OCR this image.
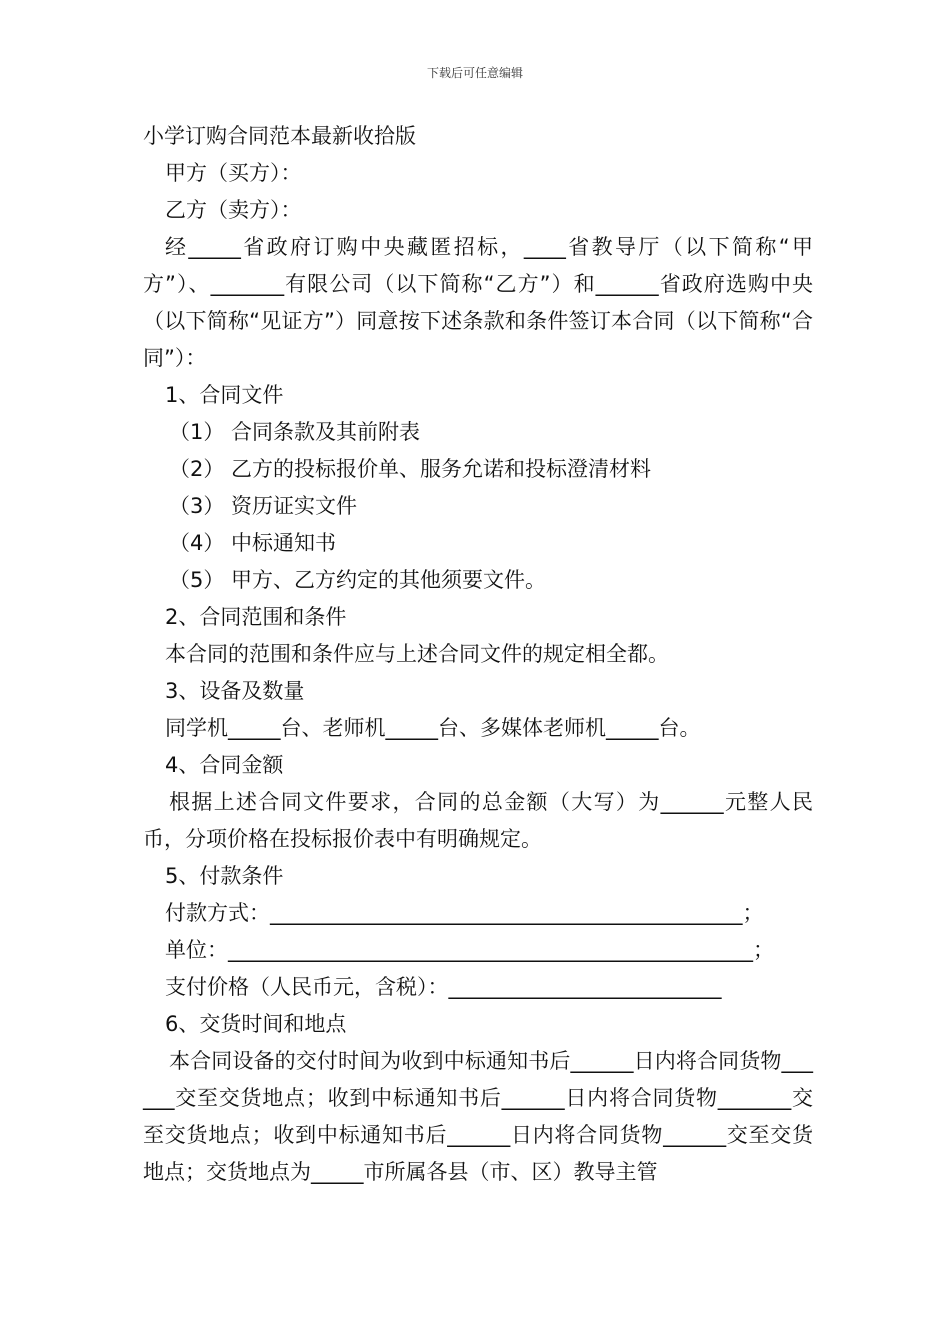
下载后可任意编辑

小学订购合同范本最新收拾版

甲方（买方）：

乙方（卖方）：

经_____省政府订购中央藏匿招标，____省教导厅（以下简称“甲方”）、_______有限公司（以下简称“乙方”）和______省政府选购中央（以下简称“见证方”）同意按下述条款和条件签订本合同（以下简称“合同”）：

1、合同文件

（1） 合同条款及其前附表

（2） 乙方的投标报价单、服务允诺和投标澄清材料

（3） 资历证实文件

（4） 中标通知书

（5） 甲方、乙方约定的其他须要文件。

2、合同范围和条件

本合同的范围和条件应与上述合同文件的规定相全都。

3、设备及数量

同学机_____台、老师机_____台、多媒体老师机_____台。

4、合同金额

根据上述合同文件要求，合同的总金额（大写）为______元整人民币，分项价格在投标报价表中有明确规定。

5、付款条件

付款方式：_____________________________________________；

单位：__________________________________________________；

支付价格（人民币元，含税）：__________________________

6、交货时间和地点

本合同设备的交付时间为收到中标通知书后______日内将合同货物______交至交货地点；收到中标通知书后______日内将合同货物_______交至交货地点；收到中标通知书后______日内将合同货物______交至交货地点；交货地点为_____市所属各县（市、区）教导主管
